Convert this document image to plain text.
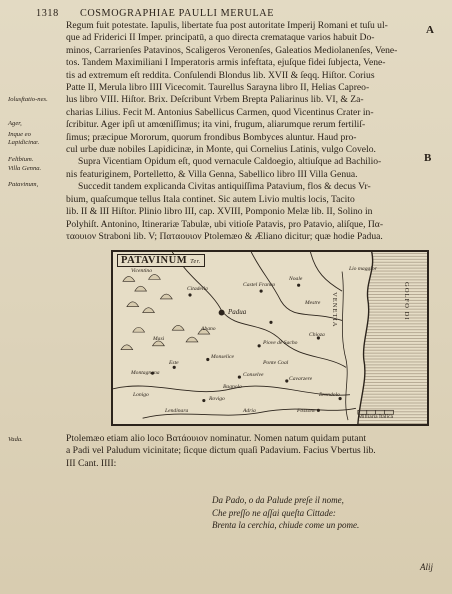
1318 COSMOGRAPHIAE PAULLI MERULAE
A
B
Iolusftatio-nes.
Ager,
Inque eo Lapidicinæ.
Feltbium.
Villa Genna.
Patavinum,
Vada.

Regum fuit potestate. Iapulis, libertate fua post autoritate Imperij Romani et tuſu ul-

que ad Friderici II Imper. principatū, a quo directa cremataque varios habuit Do-

minos, Carrarienſes Patavinos, Scaligeros Veronenſes, Galeatios Mediolanenſes, Vene-

tos. Tandem Maximiliani I Imperatoris armis infeftata, ejuſque fidei ſubjecta, Vene-

tis ad extremum eſt reddita. Conſulendi Blondus lib. XVII & ſeqq. Hiſtor. Corius

Patte II, Merula libro IIII Vicecomit. Taurellus Sarayna libro II, Helias Capreo-

lus libro VIII. Hiſtor. Brix. Deſcribunt Vrbem Brepta Paliarinus lib. VI, & Za-

charias Lilius. Fecit M. Antonius Sabellicus Carmen, quod Vicentinus Crater in-

ſcribitur. Ager ipſi ut amœniſſimus; ita vini, frugum, aliarumque rerum fertiliſ-

ſimus; præcipue Mororum, quorum frondibus Bombyces aluntur. Haud pro-

cul urbe duæ nobiles Lapidicinæ, in Monte, qui Cornelius Latinis, vulgo Covelo.

Supra Vicentiam Opidum eſt, quod vernacule Caldoegio, altiuſque ad Bachilio-

nis featuriginem, Portelletto, & Villa Genna, Sabellico libro III Villa Genua.

Succedit tandem explicanda Civitas antiquiſſima Patavium, flos & decus Vr-

bium, quaſcumque tellus Itala continet. Sic autem Livio multis locis, Tacito

lib. II & III Hiſtor. Plinio libro III, cap. XVIII, Pomponio Melæ lib. II, Solino in

Polyhiſt. Antonino, Itinerariæ Tabulæ, ubi vitioſe Patavis, pro Patavio, aliſque, Πα-

ταουιον Straboni lib. V; Παταουιον Ptolemæo & Æliano dicitur; quæ hodie Padua.

PATAVINUM Ter.
Vicentino
VENETIA	GOLFO DI
Padua
Citadella
Castel Franco
Noale
Mestre
Abano
Piove de Sacho
Chioza
Este
Monselice
Montagnana	Conselve
Cavarzere
Brondolo
Rovigo
Lonigo
Lendinara	Adria	Fossone
Masi
Lio maggior
Bagnolo
Ponte Coal
Milliaria Italica

Ptolemæo etiam alio loco Βατάουιον nominatur. Nomen natum quidam putant

a Padi vel Paludum vicinitate; ſicque dictum quaſi Padavium. Facius Vbertus lib.

III Cant. IIII:

Da Pado, o da Palude preſe il nome,
Che preſſo ne aſſai queſta Cittade:
Brenta la cerchia, chiude come un pome.
Alij
